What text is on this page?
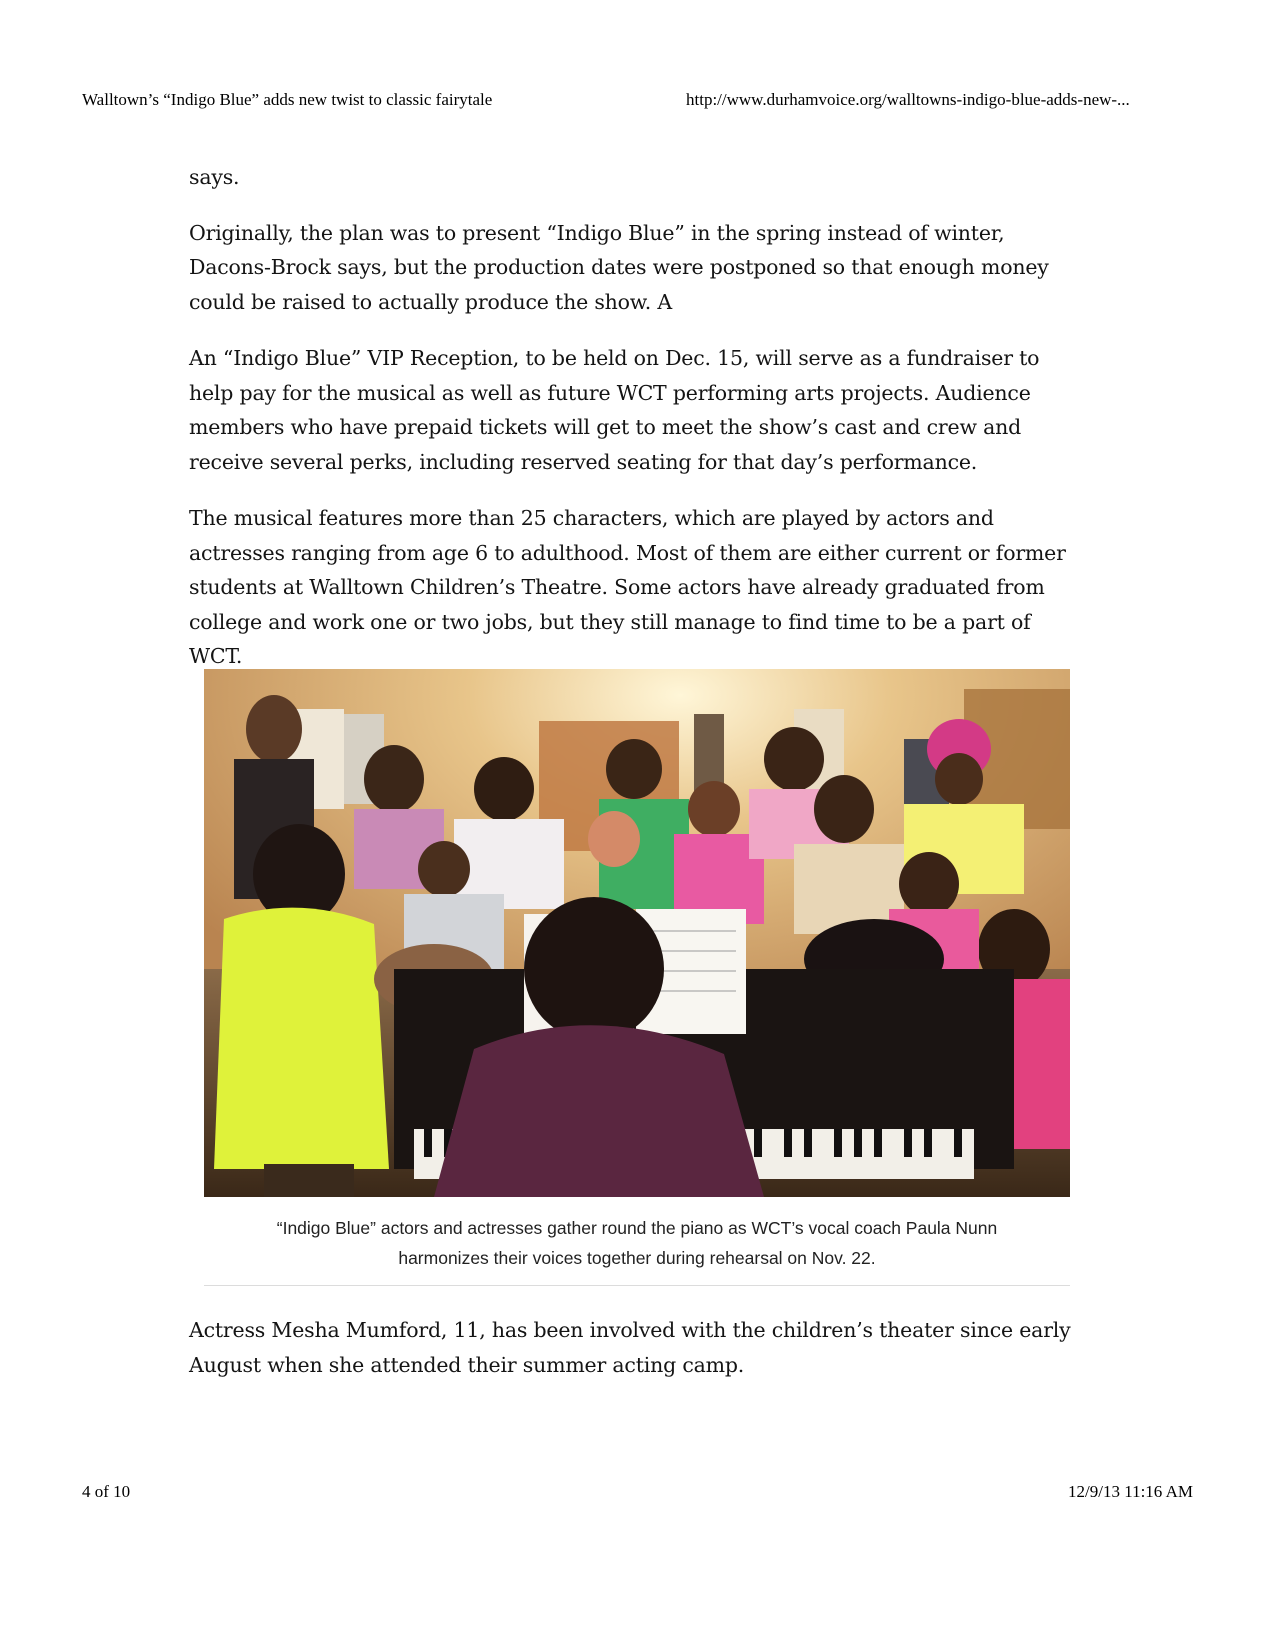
Walltown’s “Indigo Blue” adds new twist to classic fairytale	http://www.durhamvoice.org/walltowns-indigo-blue-adds-new-...

says.

Originally, the plan was to present “Indigo Blue” in the spring instead of winter, Dacons-Brock says, but the production dates were postponed so that enough money could be raised to actually produce the show. A

An “Indigo Blue” VIP Reception, to be held on Dec. 15, will serve as a fundraiser to help pay for the musical as well as future WCT performing arts projects. Audience members who have prepaid tickets will get to meet the show’s cast and crew and receive several perks, including reserved seating for that day’s performance.

The musical features more than 25 characters, which are played by actors and actresses ranging from age 6 to adulthood. Most of them are either current or former students at Walltown Children’s Theatre. Some actors have already graduated from college and work one or two jobs, but they still manage to find time to be a part of WCT.

“Indigo Blue” actors and actresses gather round the piano as WCT’s vocal coach Paula Nunn harmonizes their voices together during rehearsal on Nov. 22.

Actress Mesha Mumford, 11, has been involved with the children’s theater since early August when she attended their summer acting camp.

4 of 10	12/9/13 11:16 AM
